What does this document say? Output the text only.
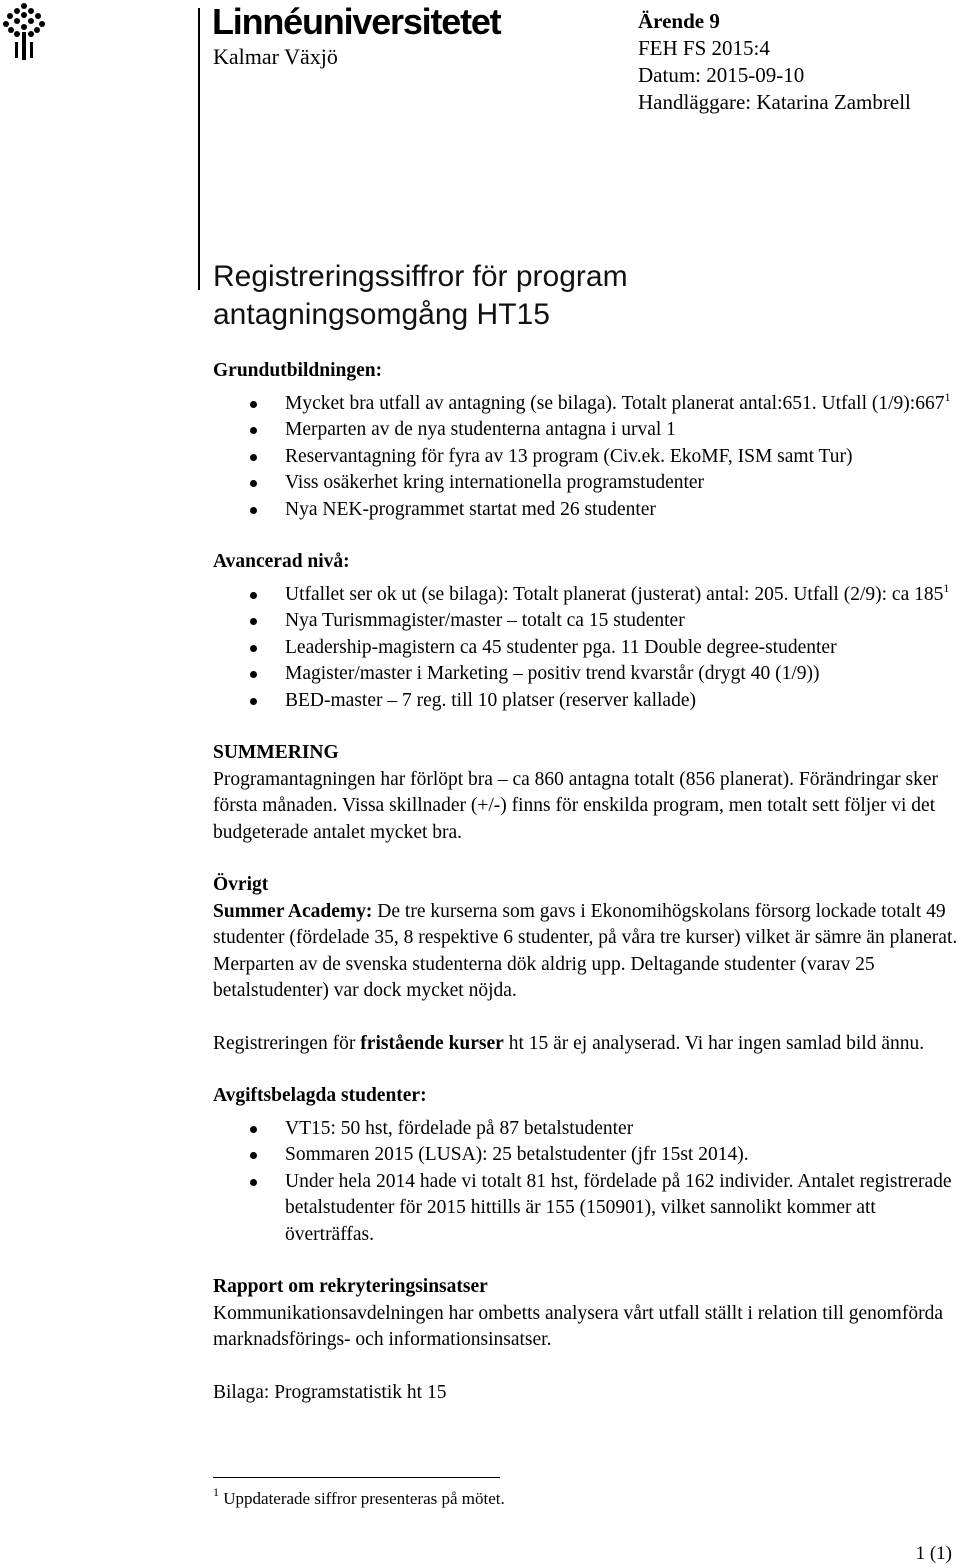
Linnéuniversitetet
Kalmar Växjö
Ärende 9
FEH FS 2015:4
Datum: 2015-09-10
Handläggare: Katarina Zambrell
Registreringssiffror för program
antagningsomgång HT15

Grundutbildningen:

Mycket bra utfall av antagning (se bilaga). Totalt planerat antal:651. Utfall $(1/9):667^1$
Merparten av de nya studenterna antagna i urval 1
Reservantagning för fyra av 13 program (Civ.ek. EkoMF, ISM samt Tur)
Viss osäkerhet kring internationella programstudenter
Nya NEK-programmet startat med 26 studenter

Avancerad nivå:

Utfallet ser ok ut (se bilaga): Totalt planerat (justerat) antal: 205. Utfall (2/9): ca $185^1$
Nya Turismmagister/master – totalt ca 15 studenter
Leadership-magistern ca 45 studenter pga. 11 Double degree-studenter
Magister/master i Marketing – positiv trend kvarstår (drygt 40 (1/9))
BED-master – 7 reg. till 10 platser (reserver kallade)

SUMMERING

Programantagningen har förlöpt bra – ca 860 antagna totalt (856 planerat). Förändringar sker första månaden. Vissa skillnader (+/-) finns för enskilda program, men totalt sett följer vi det budgeterade antalet mycket bra.

Övrigt

Summer Academy: De tre kurserna som gavs i Ekonomihögskolans försorg lockade totalt 49 studenter (fördelade 35, 8 respektive 6 studenter, på våra tre kurser) vilket är sämre än planerat. Merparten av de svenska studenterna dök aldrig upp. Deltagande studenter (varav 25 betalstudenter) var dock mycket nöjda.

Registreringen för fristående kurser ht 15 är ej analyserad. Vi har ingen samlad bild ännu.

Avgiftsbelagda studenter:

VT15: 50 hst, fördelade på 87 betalstudenter
Sommaren 2015 (LUSA): 25 betalstudenter (jfr 15st 2014).
Under hela 2014 hade vi totalt 81 hst, fördelade på 162 individer. Antalet registrerade betalstudenter för 2015 hittills är 155 (150901), vilket sannolikt kommer att överträffas.

Rapport om rekryteringsinsatser

Kommunikationsavdelningen har ombetts analysera vårt utfall ställt i relation till genomförda marknadsförings- och informationsinsatser.

Bilaga: Programstatistik ht 15

$^1$ Uppdaterade siffror presenteras på mötet.
1 (1)
